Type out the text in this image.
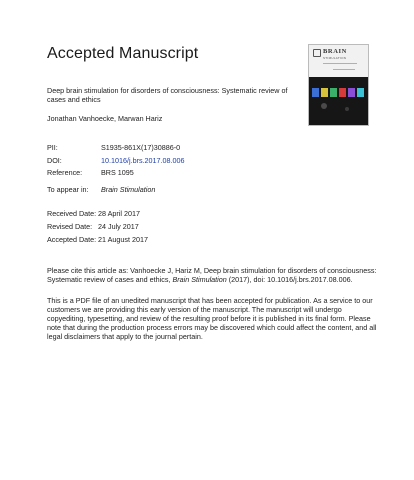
Accepted Manuscript	BRAIN
STIMULATION
Deep brain stimulation for disorders of consciousness: Systematic review of cases and ethics
Jonathan Vanhoecke, Marwan Hariz
PII:	S1935-861X(17)30886-0
DOI:	10.1016/j.brs.2017.08.006
Reference:	BRS 1095
To appear in: Brain Stimulation
Received Date: 28 April 2017
Revised Date: 24 July 2017
Accepted Date: 21 August 2017
Please cite this article as: Vanhoecke J, Hariz M, Deep brain stimulation for disorders of consciousness: Systematic review of cases and ethics, Brain Stimulation (2017), doi: 10.1016/j.brs.2017.08.006.
This is a PDF file of an unedited manuscript that has been accepted for publication. As a service to our customers we are providing this early version of the manuscript. The manuscript will undergo copyediting, typesetting, and review of the resulting proof before it is published in its final form. Please note that during the production process errors may be discovered which could affect the content, and all legal disclaimers that apply to the journal pertain.
